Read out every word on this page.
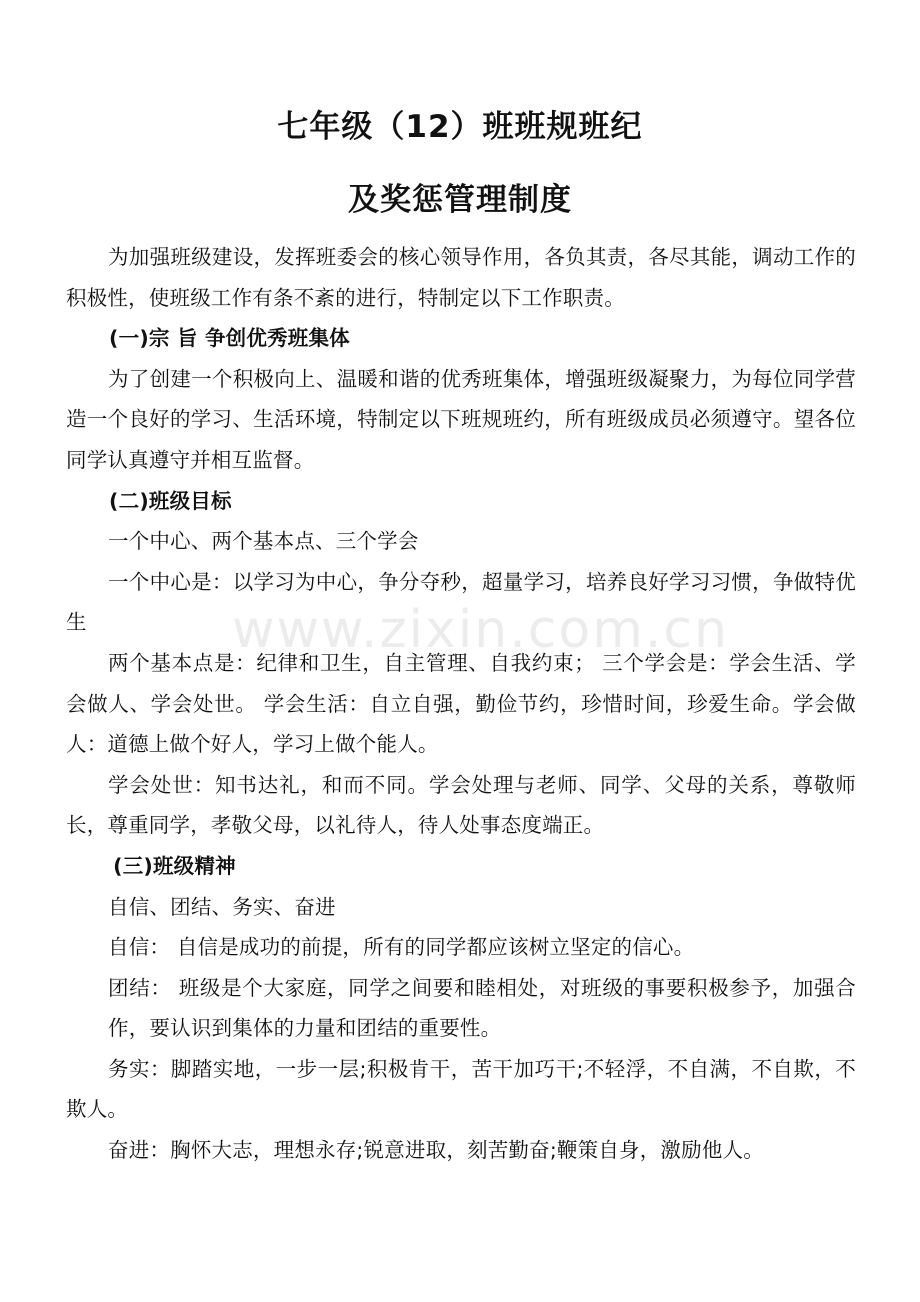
www.zixin.com.cn
七年级（12）班班规班纪
及奖惩管理制度

为加强班级建设，发挥班委会的核心领导作用，各负其责，各尽其能，调动工作的积极性，使班级工作有条不紊的进行，特制定以下工作职责。

(一)宗 旨 争创优秀班集体

为了创建一个积极向上、温暖和谐的优秀班集体，增强班级凝聚力，为每位同学营造一个良好的学习、生活环境，特制定以下班规班约，所有班级成员必须遵守。望各位同学认真遵守并相互监督。

(二)班级目标

一个中心、两个基本点、三个学会

一个中心是：以学习为中心，争分夺秒，超量学习，培养良好学习习惯，争做特优生

两个基本点是：纪律和卫生，自主管理、自我约束； 三个学会是：学会生活、学会做人、学会处世。 学会生活：自立自强，勤俭节约，珍惜时间，珍爱生命。学会做人：道德上做个好人，学习上做个能人。

学会处世：知书达礼，和而不同。学会处理与老师、同学、父母的关系，尊敬师长，尊重同学，孝敬父母，以礼待人，待人处事态度端正。

(三)班级精神

自信、团结、务实、奋进

自信： 自信是成功的前提，所有的同学都应该树立坚定的信心。

团结： 班级是个大家庭，同学之间要和睦相处，对班级的事要积极参予，加强合作，要认识到集体的力量和团结的重要性。

务实：脚踏实地，一步一层;积极肯干，苦干加巧干;不轻浮，不自满，不自欺，不欺人。

奋进：胸怀大志，理想永存;锐意进取，刻苦勤奋;鞭策自身，激励他人。
